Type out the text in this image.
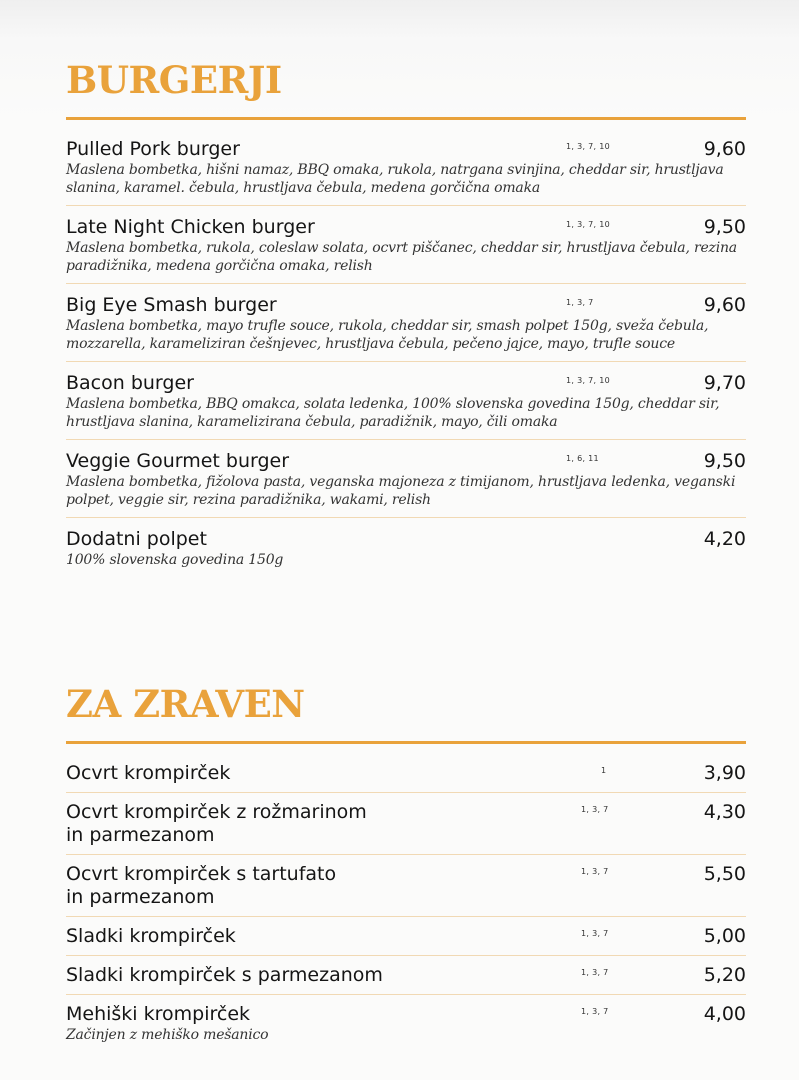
BURGERJI
Pulled Pork burger	1, 3, 7, 10	9,60
Maslena bombetka, hišni namaz, BBQ omaka, rukola, natrgana svinjina, cheddar sir, hrustljava slanina, karamel. čebula, hrustljava čebula, medena gorčična omaka
Late Night Chicken burger	1, 3, 7, 10	9,50
Maslena bombetka, rukola, coleslaw solata, ocvrt piščanec, cheddar sir, hrustljava čebula, rezina paradižnika, medena gorčična omaka, relish
Big Eye Smash burger	1, 3, 7	9,60
Maslena bombetka, mayo trufle souce, rukola, cheddar sir, smash polpet 150g, sveža čebula, mozzarella, karameliziran češnjevec, hrustljava čebula, pečeno jajce, mayo, trufle souce
Bacon burger	1, 3, 7, 10	9,70
Maslena bombetka, BBQ omakca, solata ledenka, 100% slovenska govedina 150g, cheddar sir, hrustljava slanina, karamelizirana čebula, paradižnik, mayo, čili omaka
Veggie Gourmet burger	1, 6, 11	9,50
Maslena bombetka, fižolova pasta, veganska majoneza z timijanom, hrustljava ledenka, veganski polpet, veggie sir, rezina paradižnika, wakami, relish
Dodatni polpet	4,20
100% slovenska govedina 150g
ZA ZRAVEN
Ocvrt krompirček	1	3,90
Ocvrt krompirček z rožmarinom
in parmezanom
1, 3, 7	4,30
Ocvrt krompirček s tartufato
in parmezanom
1, 3, 7	5,50
Sladki krompirček	1, 3, 7	5,00
Sladki krompirček s parmezanom	1, 3, 7	5,20
Mehiški krompirček	1, 3, 7	4,00
Začinjen z mehiško mešanico
